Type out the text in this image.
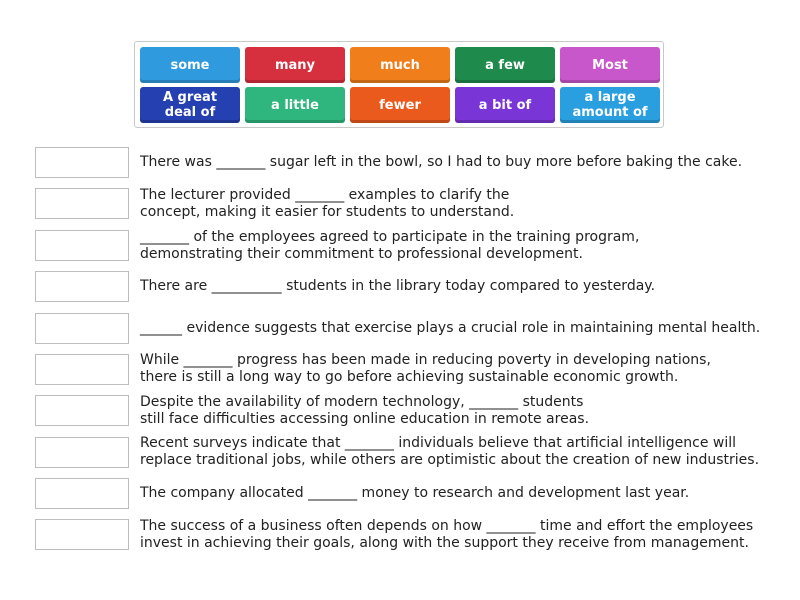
some	many	much	a few	Most
A great deal of	a little	fewer	a bit of	a large amount of
There was _______ sugar left in the bowl, so I had to buy more before baking the cake.
The lecturer provided _______ examples to clarify the
concept, making it easier for students to understand.
_______ of the employees agreed to participate in the training program,
demonstrating their commitment to professional development.
There are __________ students in the library today compared to yesterday.
______ evidence suggests that exercise plays a crucial role in maintaining mental health.
While _______ progress has been made in reducing poverty in developing nations,
there is still a long way to go before achieving sustainable economic growth.
Despite the availability of modern technology, _______ students
still face difficulties accessing online education in remote areas.
Recent surveys indicate that _______ individuals believe that artificial intelligence will
replace traditional jobs, while others are optimistic about the creation of new industries.
The company allocated _______ money to research and development last year.
The success of a business often depends on how _______ time and effort the employees
invest in achieving their goals, along with the support they receive from management.
